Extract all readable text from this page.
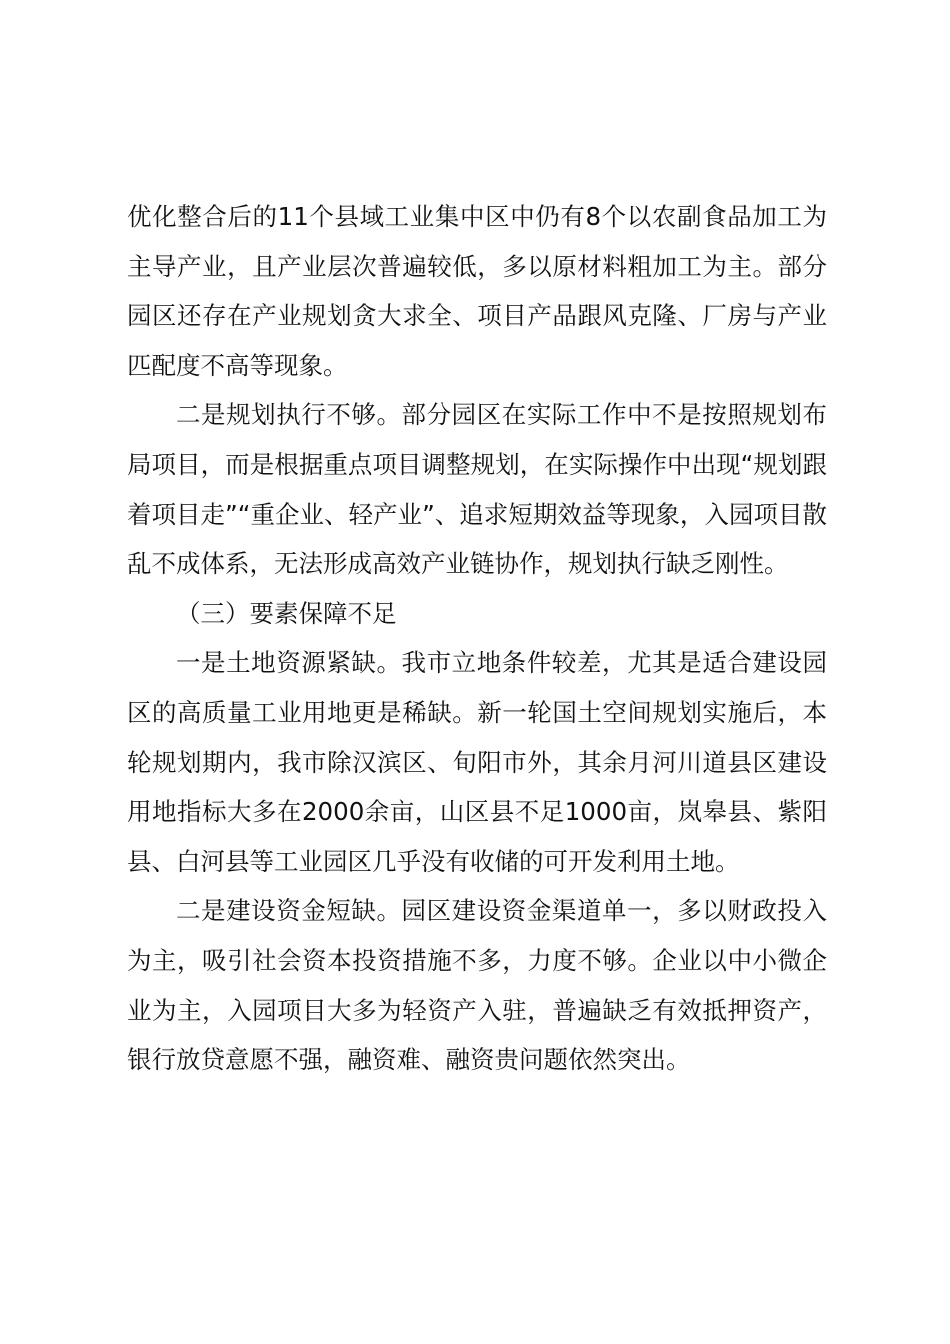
优化整合后的11个县域工业集中区中仍有8个以农副食品加工为主导产业，且产业层次普遍较低，多以原材料粗加工为主。部分园区还存在产业规划贪大求全、项目产品跟风克隆、厂房与产业匹配度不高等现象。

二是规划执行不够。部分园区在实际工作中不是按照规划布局项目，而是根据重点项目调整规划，在实际操作中出现“规划跟着项目走”“重企业、轻产业”、追求短期效益等现象，入园项目散乱不成体系，无法形成高效产业链协作，规划执行缺乏刚性。

（三）要素保障不足

一是土地资源紧缺。我市立地条件较差，尤其是适合建设园区的高质量工业用地更是稀缺。新一轮国土空间规划实施后，本轮规划期内，我市除汉滨区、旬阳市外，其余月河川道县区建设用地指标大多在2000余亩，山区县不足1000亩，岚皋县、紫阳县、白河县等工业园区几乎没有收储的可开发利用土地。

二是建设资金短缺。园区建设资金渠道单一，多以财政投入为主，吸引社会资本投资措施不多，力度不够。企业以中小微企业为主，入园项目大多为轻资产入驻，普遍缺乏有效抵押资产，银行放贷意愿不强，融资难、融资贵问题依然突出。
